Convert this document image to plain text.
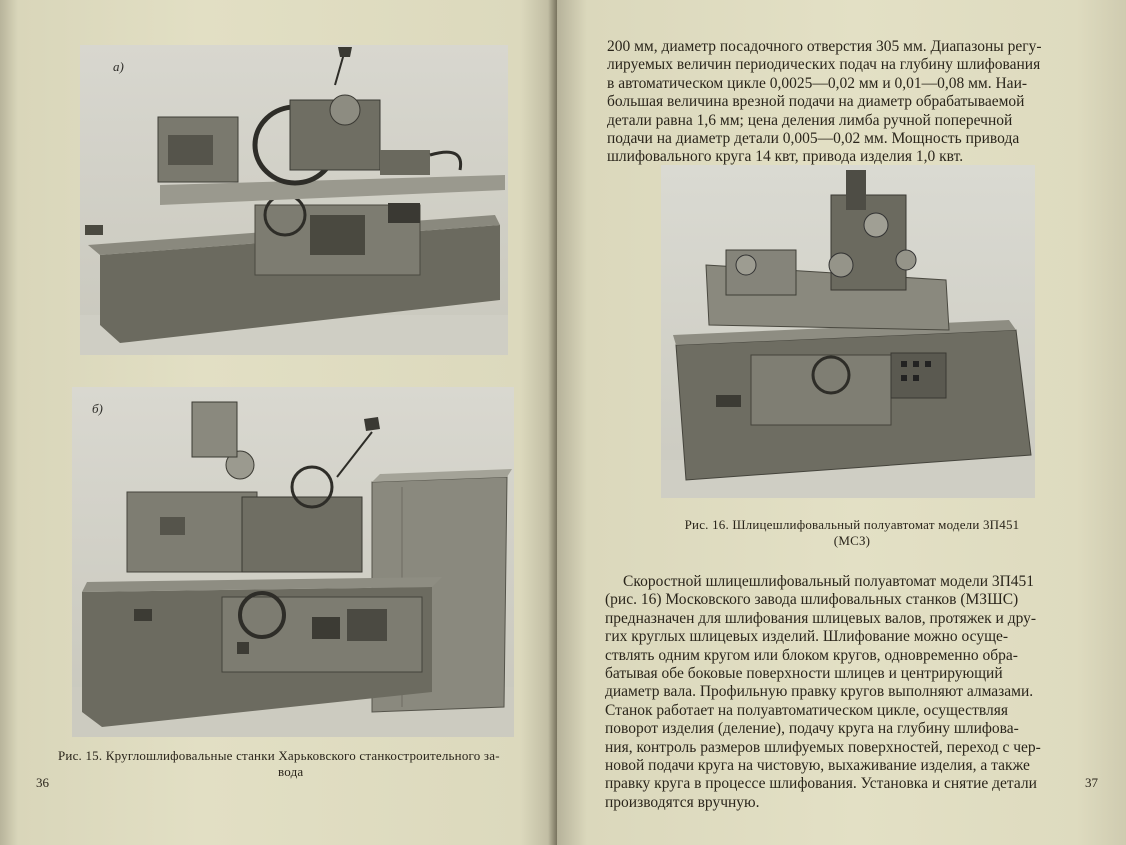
а)
б)
Рис. 15. Круглошлифовальные станки Харьковского станкостроительного за-
вода
36
200 мм, диаметр посадочного отверстия 305 мм. Диапазоны регу-
лируемых величин периодических подач на глубину шлифования
в автоматическом цикле 0,0025—0,02 мм и 0,01—0,08 мм. Наи-
большая величина врезной подачи на диаметр обрабатываемой
детали равна 1,6 мм; цена деления лимба ручной поперечной
подачи на диаметр детали 0,005—0,02 мм. Мощность привода
шлифовального круга 14 квт, привода изделия 1,0 квт.
Рис. 16. Шлицешлифовальный полуавтомат модели 3П451
(МСЗ)
Скоростной шлицешлифовальный полуавтомат модели 3П451
(рис. 16) Московского завода шлифовальных станков (МЗШС)
предназначен для шлифования шлицевых валов, протяжек и дру-
гих круглых шлицевых изделий. Шлифование можно осуще-
ствлять одним кругом или блоком кругов, одновременно обра-
батывая обе боковые поверхности шлицев и центрирующий
диаметр вала. Профильную правку кругов выполняют алмазами.
Станок работает на полуавтоматическом цикле, осуществляя
поворот изделия (деление), подачу круга на глубину шлифова-
ния, контроль размеров шлифуемых поверхностей, переход с чер-
новой подачи круга на чистовую, выхаживание изделия, а также
правку круга в процессе шлифования. Установка и снятие детали
производятся вручную.
37
